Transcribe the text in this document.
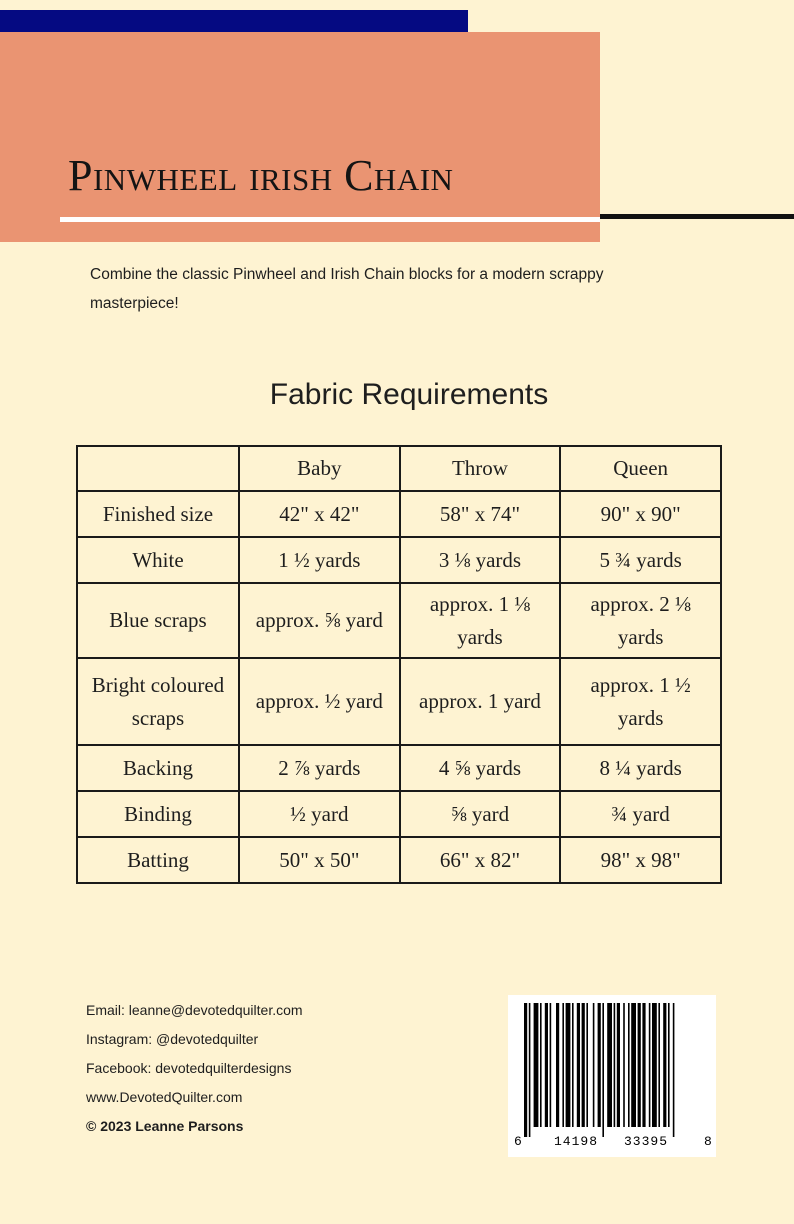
Pinwheel irish Chain
Combine the classic Pinwheel and Irish Chain blocks for a modern scrappy masterpiece!
Fabric Requirements
	Baby	Throw	Queen
Finished size	42" x 42"	58" x 74"	90" x 90"
White	1 ½ yards	3 ⅛ yards	5 ¾ yards
Blue scraps	approx. ⅝ yard	approx. 1 ⅛ yards	approx. 2 ⅛ yards
Bright coloured scraps	approx. ½ yard	approx. 1 yard	approx. 1 ½ yards
Backing	2 ⅞ yards	4 ⅝ yards	8 ¼ yards
Binding	½ yard	⅝ yard	¾ yard
Batting	50" x 50"	66" x 82"	98" x 98"
Email: leanne@devotedquilter.com
Instagram: @devotedquilter
Facebook: devotedquilterdesigns
www.DevotedQuilter.com
© 2023 Leanne Parsons
6 14198 33395	8
